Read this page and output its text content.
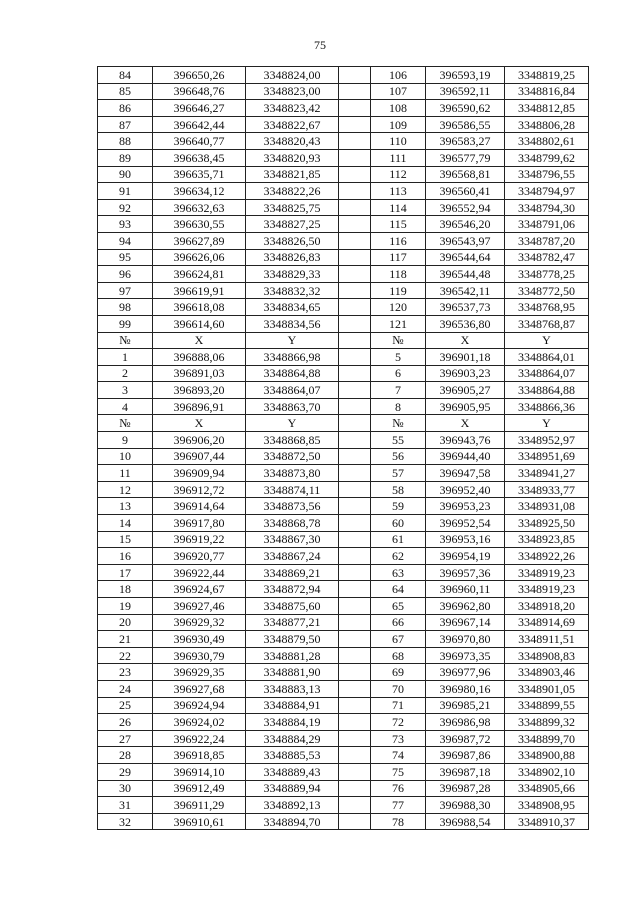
75
84	396650,26	3348824,00		106	396593,19	3348819,25
85	396648,76	3348823,00		107	396592,11	3348816,84
86	396646,27	3348823,42		108	396590,62	3348812,85
87	396642,44	3348822,67		109	396586,55	3348806,28
88	396640,77	3348820,43		110	396583,27	3348802,61
89	396638,45	3348820,93		111	396577,79	3348799,62
90	396635,71	3348821,85		112	396568,81	3348796,55
91	396634,12	3348822,26		113	396560,41	3348794,97
92	396632,63	3348825,75		114	396552,94	3348794,30
93	396630,55	3348827,25		115	396546,20	3348791,06
94	396627,89	3348826,50		116	396543,97	3348787,20
95	396626,06	3348826,83		117	396544,64	3348782,47
96	396624,81	3348829,33		118	396544,48	3348778,25
97	396619,91	3348832,32		119	396542,11	3348772,50
98	396618,08	3348834,65		120	396537,73	3348768,95
99	396614,60	3348834,56		121	396536,80	3348768,87
№	X	Y		№	X	Y
1	396888,06	3348866,98		5	396901,18	3348864,01
2	396891,03	3348864,88		6	396903,23	3348864,07
3	396893,20	3348864,07		7	396905,27	3348864,88
4	396896,91	3348863,70		8	396905,95	3348866,36
№	X	Y		№	X	Y
9	396906,20	3348868,85		55	396943,76	3348952,97
10	396907,44	3348872,50		56	396944,40	3348951,69
11	396909,94	3348873,80		57	396947,58	3348941,27
12	396912,72	3348874,11		58	396952,40	3348933,77
13	396914,64	3348873,56		59	396953,23	3348931,08
14	396917,80	3348868,78		60	396952,54	3348925,50
15	396919,22	3348867,30		61	396953,16	3348923,85
16	396920,77	3348867,24		62	396954,19	3348922,26
17	396922,44	3348869,21		63	396957,36	3348919,23
18	396924,67	3348872,94		64	396960,11	3348919,23
19	396927,46	3348875,60		65	396962,80	3348918,20
20	396929,32	3348877,21		66	396967,14	3348914,69
21	396930,49	3348879,50		67	396970,80	3348911,51
22	396930,79	3348881,28		68	396973,35	3348908,83
23	396929,35	3348881,90		69	396977,96	3348903,46
24	396927,68	3348883,13		70	396980,16	3348901,05
25	396924,94	3348884,91		71	396985,21	3348899,55
26	396924,02	3348884,19		72	396986,98	3348899,32
27	396922,24	3348884,29		73	396987,72	3348899,70
28	396918,85	3348885,53		74	396987,86	3348900,88
29	396914,10	3348889,43		75	396987,18	3348902,10
30	396912,49	3348889,94		76	396987,28	3348905,66
31	396911,29	3348892,13		77	396988,30	3348908,95
32	396910,61	3348894,70		78	396988,54	3348910,37
